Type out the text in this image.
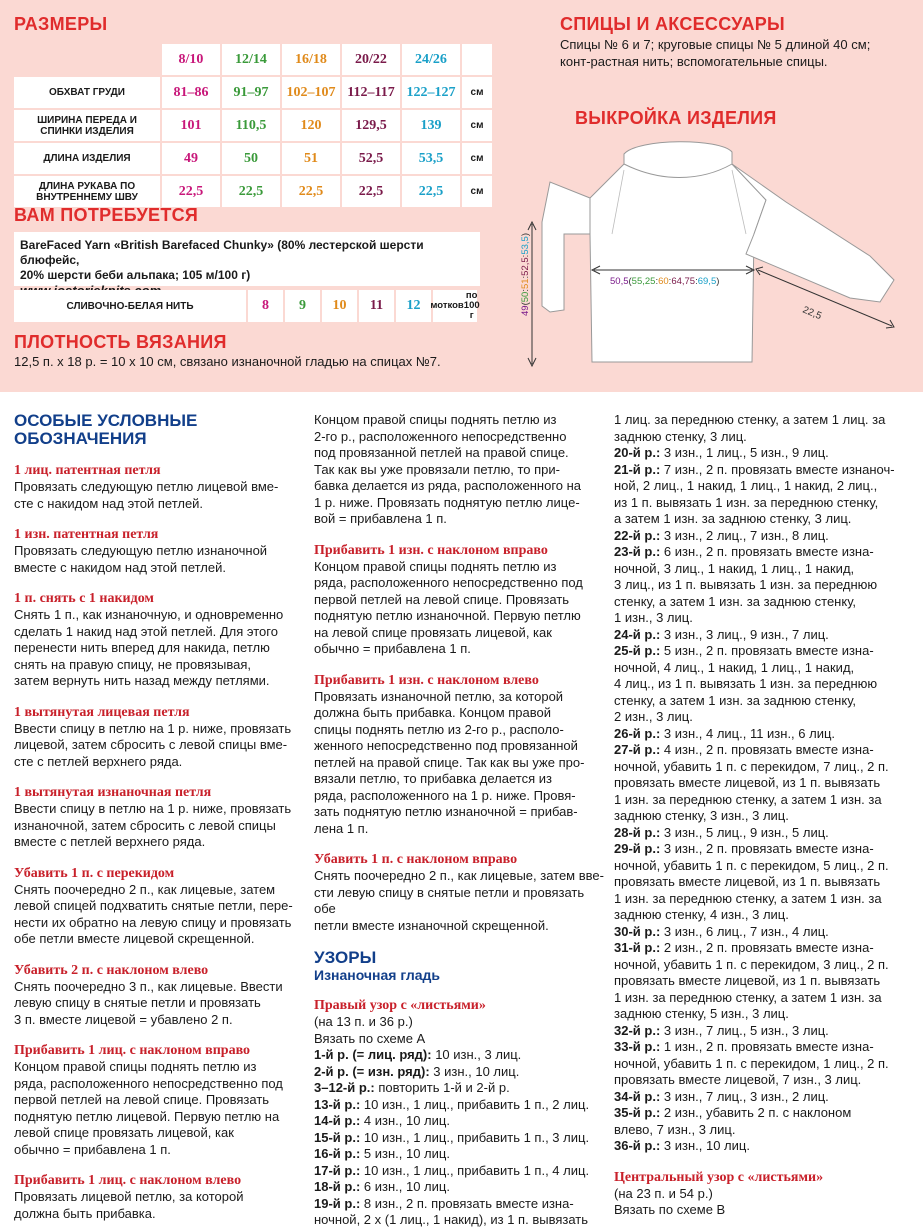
РАЗМЕРЫ
8/10	12/14	16/18	20/22	24/26
ОБХВАТ ГРУДИ	81–86	91–97	102–107 112–117 122–127	см
ШИРИНА ПЕРЕДА И СПИНКИ ИЗДЕЛИЯ	101	110,5	120	129,5	139	см
ДЛИНА ИЗДЕЛИЯ	49	50	51	52,5	53,5	см
ДЛИНА РУКАВА ПО ВНУТРЕННЕМУ ШВУ	22,5	22,5	22,5	22,5	22,5	см
ВАМ ПОТРЕБУЕТСЯ
BareFaced Yarn «British Barefaced Chunky» (80% лестерской шерсти блюфейс,
20% шерсти беби альпака; 105 м/100 г)
СЛИВОЧНО-БЕЛАЯ НИТЬ	8	9	10	11	12	мотков

по 100 г
ПЛОТНОСТЬ ВЯЗАНИЯ
12,5 п. х 18 р. = 10 х 10 см, связано изнаночной гладью на спицах №7.
СПИЦЫ И АКСЕССУАРЫ
Спицы № 6 и 7; круговые спицы № 5 длиной 40 см;
конт-растная нить; вспомогательные спицы.
ВЫКРОЙКА ИЗДЕЛИЯ
50,5(55,25:60:64,75:69,5)
49(50:51:52,5:53,5)
22,5
ОСОБЫЕ УСЛОВНЫЕ
ОБОЗНАЧЕНИЯ
1 лиц. патентная петля
Провязать следующую петлю лицевой вме-
сте с накидом над этой петлей.
1 изн. патентная петля
Провязать следующую петлю изнаночной
вместе с накидом над этой петлей.
1 п. снять с 1 накидом
Снять 1 п., как изнаночную, и одновременно
сделать 1 накид над этой петлей. Для этого
перенести нить вперед для накида, петлю
снять на правую спицу, не провязывая,
затем вернуть нить назад между петлями.
1 вытянутая лицевая петля
Ввести спицу в петлю на 1 р. ниже, провязать
лицевой, затем сбросить с левой спицы вме-
сте с петлей верхнего ряда.
1 вытянутая изнаночная петля
Ввести спицу в петлю на 1 р. ниже, провязать
изнаночной, затем сбросить с левой спицы
вместе с петлей верхнего ряда.
Убавить 1 п. с перекидом
Снять поочередно 2 п., как лицевые, затем
левой спицей подхватить снятые петли, пере-
нести их обратно на левую спицу и провязать
обе петли вместе лицевой скрещенной.
Убавить 2 п. с наклоном влево
Снять поочередно 3 п., как лицевые. Ввести
левую спицу в снятые петли и провязать
3 п. вместе лицевой = убавлено 2 п.
Прибавить 1 лиц. с наклоном вправо
Концом правой спицы поднять петлю из
ряда, расположенного непосредственно под
первой петлей на левой спице. Провязать
поднятую петлю лицевой. Первую петлю на
левой спице провязать лицевой, как
обычно = прибавлена 1 п.
Прибавить 1 лиц. с наклоном влево
Провязать лицевой петлю, за которой
должна быть прибавка.
Концом правой спицы поднять петлю из
2-го р., расположенного непосредственно
под провязанной петлей на правой спице.
Так как вы уже провязали петлю, то при-
бавка делается из ряда, расположенного на
1 р. ниже. Провязать поднятую петлю лице-
вой = прибавлена 1 п.
Прибавить 1 изн. с наклоном вправо
Концом правой спицы поднять петлю из
ряда, расположенного непосредственно под
первой петлей на левой спице. Провязать
поднятую петлю изнаночной. Первую петлю
на левой спице провязать лицевой, как
обычно = прибавлена 1 п.
Прибавить 1 изн. с наклоном влево
Провязать изнаночной петлю, за которой
должна быть прибавка. Концом правой
спицы поднять петлю из 2-го р., располо-
женного непосредственно под провязанной
петлей на правой спице. Так как вы уже про-
вязали петлю, то прибавка делается из
ряда, расположенного на 1 р. ниже. Провя-
зать поднятую петлю изнаночной = прибав-
лена 1 п.
Убавить 1 п. с наклоном вправо
Снять поочередно 2 п., как лицевые, затем вве-
сти левую спицу в снятые петли и провязать обе
петли вместе изнаночной скрещенной.
УЗОРЫ
Изнаночная гладь
Правый узор с «листьями»
(на 13 п. и 36 р.)
Вязать по схеме А
1-й р. (= лиц. ряд): 10 изн., 3 лиц.
2-й р. (= изн. ряд): 3 изн., 10 лиц.
3–12-й р.: повторить 1-й и 2-й р.
13-й р.: 10 изн., 1 лиц., прибавить 1 п., 2 лиц.
14-й р.: 4 изн., 10 лиц.
15-й р.: 10 изн., 1 лиц., прибавить 1 п., 3 лиц.
16-й р.: 5 изн., 10 лиц.
17-й р.: 10 изн., 1 лиц., прибавить 1 п., 4 лиц.
18-й р.: 6 изн., 10 лиц.
19-й р.: 8 изн., 2 п. провязать вместе изна-
ночной, 2 х (1 лиц., 1 накид), из 1 п. вывязать
1 лиц. за переднюю стенку, а затем 1 лиц. за
заднюю стенку, 3 лиц.
20-й р.: 3 изн., 1 лиц., 5 изн., 9 лиц.
21-й р.: 7 изн., 2 п. провязать вместе изнаноч-
ной, 2 лиц., 1 накид, 1 лиц., 1 накид, 2 лиц.,
из 1 п. вывязать 1 изн. за переднюю стенку,
а затем 1 изн. за заднюю стенку, 3 лиц.
22-й р.: 3 изн., 2 лиц., 7 изн., 8 лиц.
23-й р.: 6 изн., 2 п. провязать вместе изна-
ночной, 3 лиц., 1 накид, 1 лиц., 1 накид,
3 лиц., из 1 п. вывязать 1 изн. за переднюю
стенку, а затем 1 изн. за заднюю стенку,
1 изн., 3 лиц.
24-й р.: 3 изн., 3 лиц., 9 изн., 7 лиц.
25-й р.: 5 изн., 2 п. провязать вместе изна-
ночной, 4 лиц., 1 накид, 1 лиц., 1 накид,
4 лиц., из 1 п. вывязать 1 изн. за переднюю
стенку, а затем 1 изн. за заднюю стенку,
2 изн., 3 лиц.
26-й р.: 3 изн., 4 лиц., 11 изн., 6 лиц.
27-й р.: 4 изн., 2 п. провязать вместе изна-
ночной, убавить 1 п. с перекидом, 7 лиц., 2 п.
провязать вместе лицевой, из 1 п. вывязать
1 изн. за переднюю стенку, а затем 1 изн. за
заднюю стенку, 3 изн., 3 лиц.
28-й р.: 3 изн., 5 лиц., 9 изн., 5 лиц.
29-й р.: 3 изн., 2 п. провязать вместе изна-
ночной, убавить 1 п. с перекидом, 5 лиц., 2 п.
провязать вместе лицевой, из 1 п. вывязать
1 изн. за переднюю стенку, а затем 1 изн. за
заднюю стенку, 4 изн., 3 лиц.
30-й р.: 3 изн., 6 лиц., 7 изн., 4 лиц.
31-й р.: 2 изн., 2 п. провязать вместе изна-
ночной, убавить 1 п. с перекидом, 3 лиц., 2 п.
провязать вместе лицевой, из 1 п. вывязать
1 изн. за переднюю стенку, а затем 1 изн. за
заднюю стенку, 5 изн., 3 лиц.
32-й р.: 3 изн., 7 лиц., 5 изн., 3 лиц.
33-й р.: 1 изн., 2 п. провязать вместе изна-
ночной, убавить 1 п. с перекидом, 1 лиц., 2 п.
провязать вместе лицевой, 7 изн., 3 лиц.
34-й р.: 3 изн., 7 лиц., 3 изн., 2 лиц.
35-й р.: 2 изн., убавить 2 п. с наклоном
влево, 7 изн., 3 лиц.
36-й р.: 3 изн., 10 лиц.
Центральный узор с «листьями»
(на 23 п. и 54 р.)
Вязать по схеме В
